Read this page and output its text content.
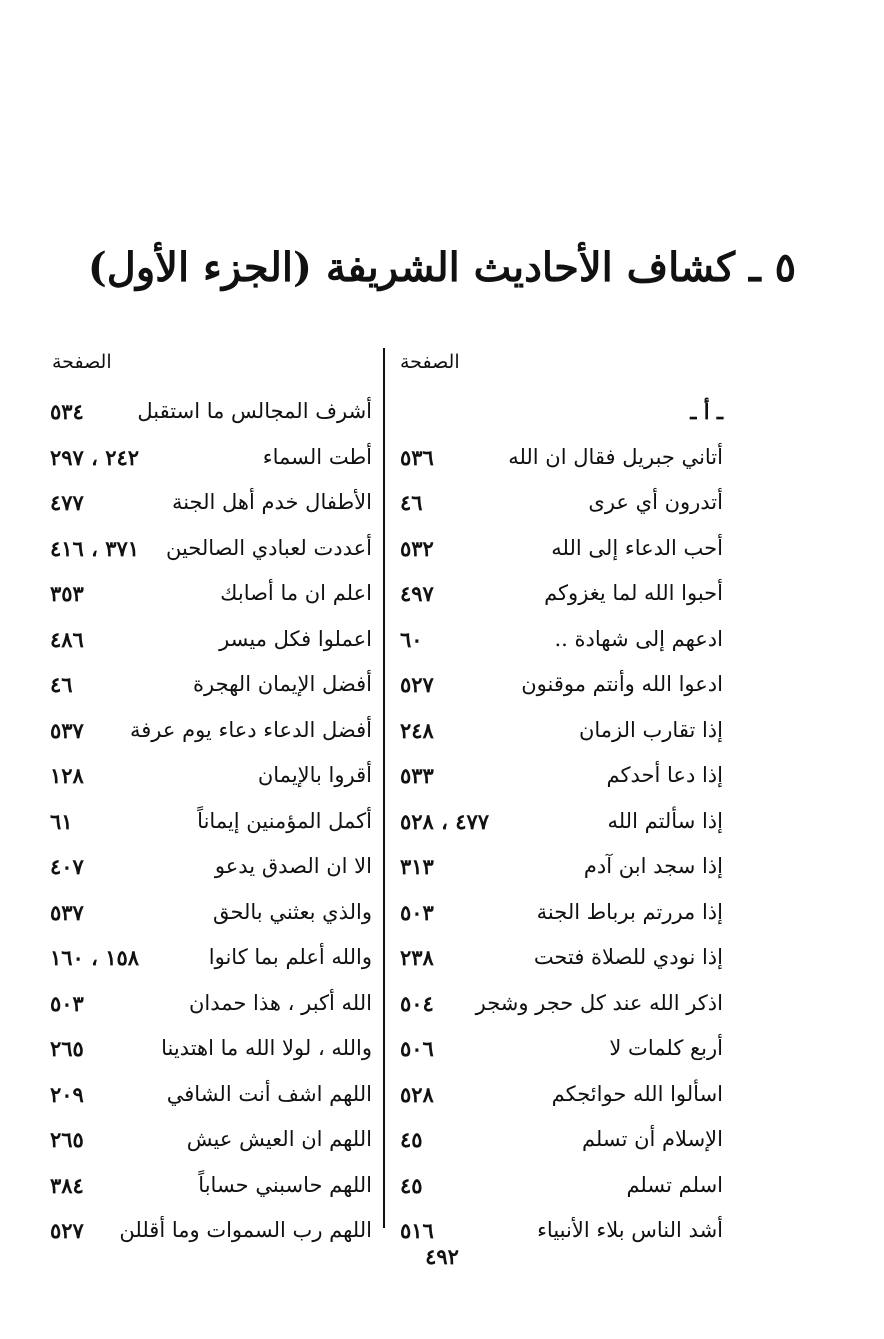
٥ ـ كشاف الأحاديث الشريفة (الجزء الأول)
الصفحة
الصفحة
ـ أ ـ
أتاني جبريل فقال ان الله
٥٣٦
أتدرون أي عرى
٤٦
أحب الدعاء إلى الله
٥٣٢
أحبوا الله لما يغزوكم
٤٩٧
ادعهم إلى شهادة ..
٦٠
ادعوا الله وأنتم موقنون
٥٢٧
إذا تقارب الزمان
٢٤٨
إذا دعا أحدكم
٥٣٣
إذا سألتم الله
٤٧٧ ، ٥٢٨
إذا سجد ابن آدم
٣١٣
إذا مررتم برباط الجنة
٥٠٣
إذا نودي للصلاة فتحت
٢٣٨
اذكر الله عند كل حجر وشجر
٥٠٤
أربع كلمات لا
٥٠٦
اسألوا الله حوائجكم
٥٢٨
الإسلام أن تسلم
٤٥
اسلم تسلم
٤٥
أشد الناس بلاء الأنبياء
٥١٦
أشرف المجالس ما استقبل
٥٣٤
أطت السماء
٢٤٢ ، ٢٩٧
الأطفال خدم أهل الجنة
٤٧٧
أعددت لعبادي الصالحين
٣٧١ ، ٤١٦
اعلم ان ما أصابك
٣٥٣
اعملوا فكل ميسر
٤٨٦
أفضل الإيمان الهجرة
٤٦
أفضل الدعاء دعاء يوم عرفة
٥٣٧
أقروا بالإيمان
١٢٨
أكمل المؤمنين إيماناً
٦١
الا ان الصدق يدعو
٤٠٧
والذي بعثني بالحق
٥٣٧
والله أعلم بما كانوا
١٥٨ ، ١٦٠
الله أكبر ، هذا حمدان
٥٠٣
والله ، لولا الله ما اهتدينا
٢٦٥
اللهم اشف أنت الشافي
٢٠٩
اللهم ان العيش عيش
٢٦٥
اللهم حاسبني حساباً
٣٨٤
اللهم رب السموات وما أقللن
٥٢٧
٤٩٢
